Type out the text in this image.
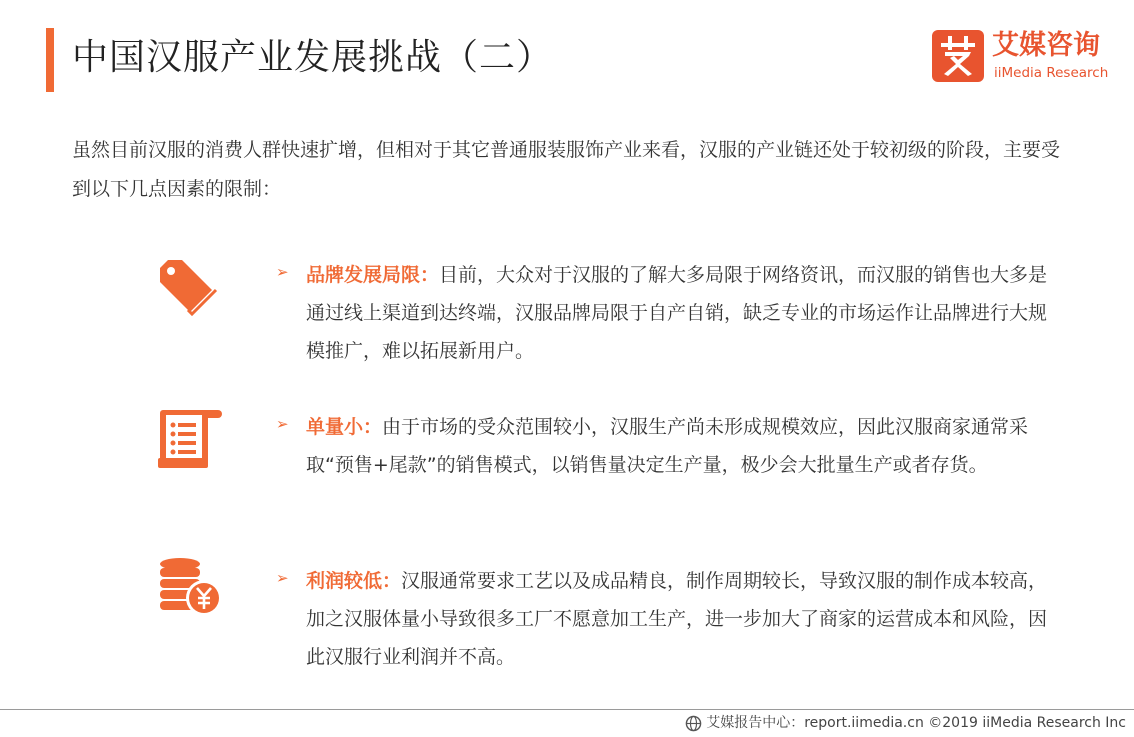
中国汉服产业发展挑战（二）	艾媒咨询
iiMedia Research

虽然目前汉服的消费人群快速扩增，但相对于其它普通服装服饰产业来看，汉服的产业链还处于较初级的阶段，主要受到以下几点因素的限制：

➢ 品牌发展局限：目前，大众对于汉服的了解大多局限于网络资讯，而汉服的销售也大多是通过线上渠道到达终端，汉服品牌局限于自产自销，缺乏专业的市场运作让品牌进行大规模推广，难以拓展新用户。

➢ 单量小：由于市场的受众范围较小，汉服生产尚未形成规模效应，因此汉服商家通常采取“预售+尾款”的销售模式，以销售量决定生产量，极少会大批量生产或者存货。

➢ 利润较低：汉服通常要求工艺以及成品精良，制作周期较长，导致汉服的制作成本较高，加之汉服体量小导致很多工厂不愿意加工生产，进一步加大了商家的运营成本和风险，因此汉服行业利润并不高。

艾媒报告中心：report.iimedia.cn ©2019 iiMedia Research Inc
